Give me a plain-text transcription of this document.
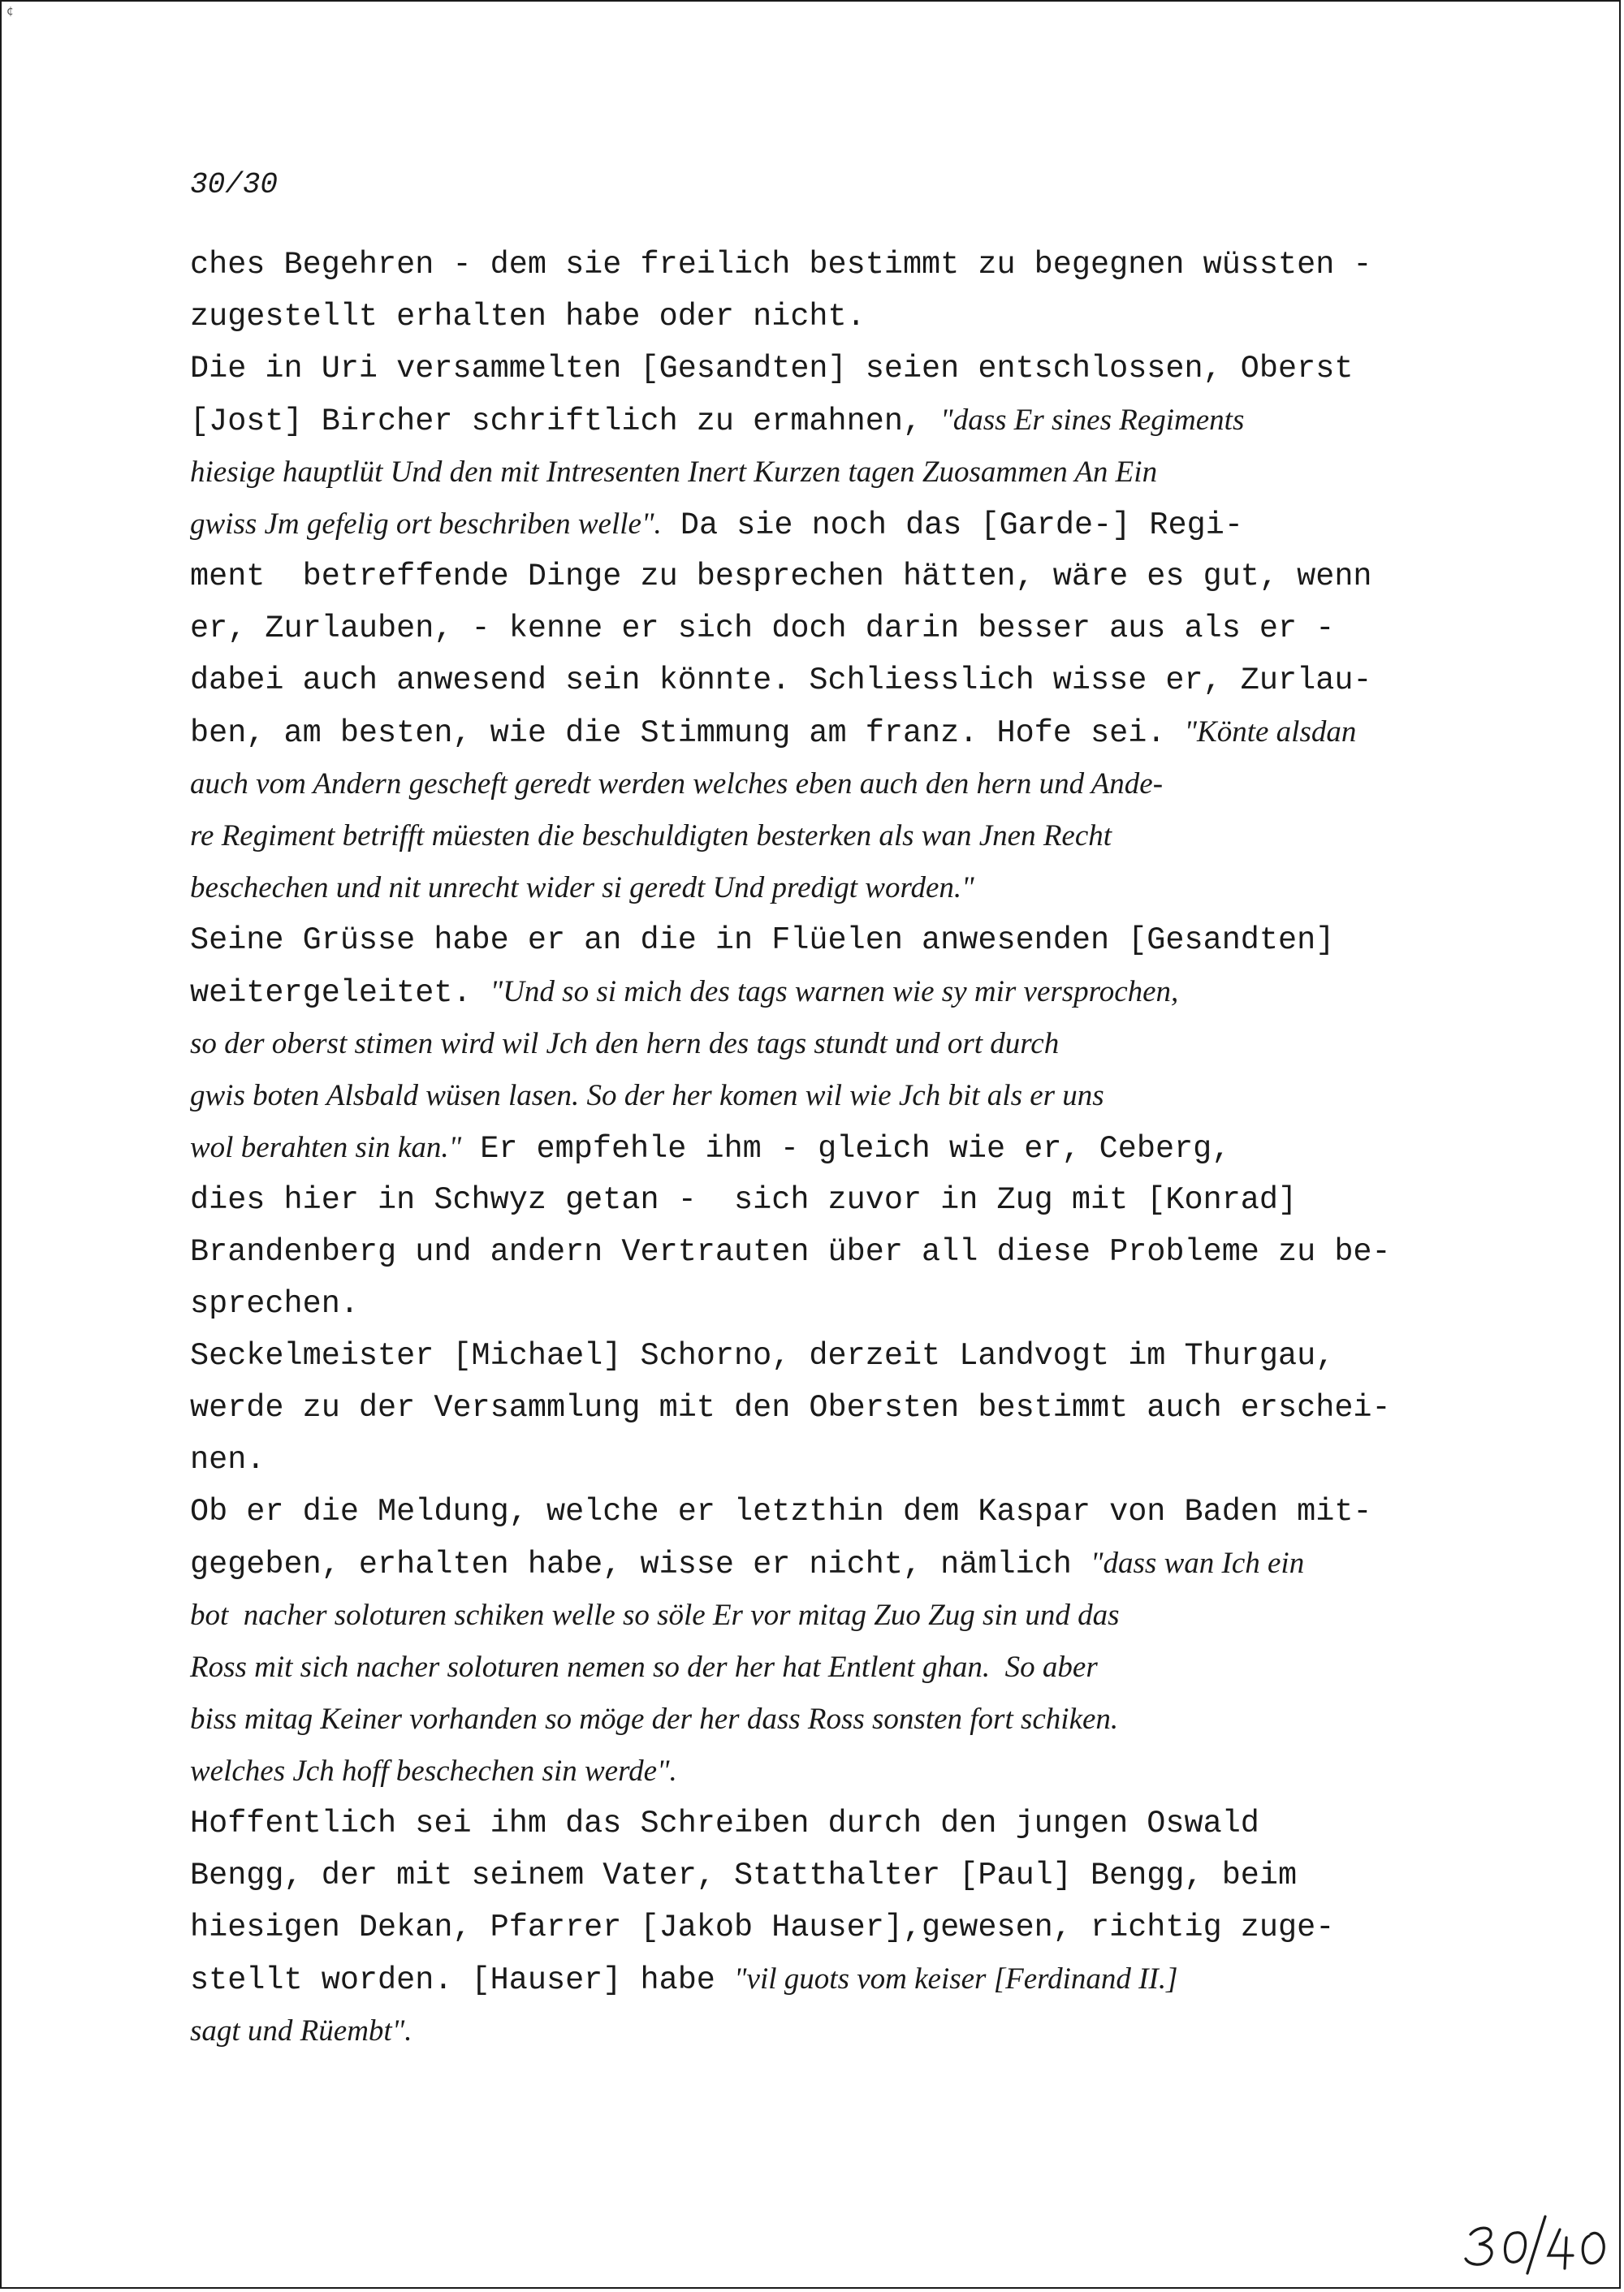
¢
30/30
ches Begehren - dem sie freilich bestimmt zu begegnen wüssten -
zugestellt erhalten habe oder nicht.
Die in Uri versammelten [Gesandten] seien entschlossen, Oberst
[Jost] Bircher schriftlich zu ermahnen, "dass Er sines Regiments
hiesige hauptlüt Und den mit Intresenten Inert Kurzen tagen Zuosammen An Ein
gwiss Jm gefelig ort beschriben welle". Da sie noch das [Garde-] Regi-
ment  betreffende Dinge zu besprechen hätten, wäre es gut, wenn
er, Zurlauben, - kenne er sich doch darin besser aus als er -
dabei auch anwesend sein könnte. Schliesslich wisse er, Zurlau-
ben, am besten, wie die Stimmung am franz. Hofe sei. "Könte alsdan
auch vom Andern gescheft geredt werden welches eben auch den hern und Ande-
re Regiment betrifft müesten die beschuldigten besterken als wan Jnen Recht
beschechen und nit unrecht wider si geredt Und predigt worden."
Seine Grüsse habe er an die in Flüelen anwesenden [Gesandten]
weitergeleitet. "Und so si mich des tags warnen wie sy mir versprochen,
so der oberst stimen wird wil Jch den hern des tags stundt und ort durch
gwis boten Alsbald wüsen lasen. So der her komen wil wie Jch bit als er uns
wol berahten sin kan." Er empfehle ihm - gleich wie er, Ceberg,
dies hier in Schwyz getan -  sich zuvor in Zug mit [Konrad]
Brandenberg und andern Vertrauten über all diese Probleme zu be-
sprechen.
Seckelmeister [Michael] Schorno, derzeit Landvogt im Thurgau,
werde zu der Versammlung mit den Obersten bestimmt auch erschei-
nen.
Ob er die Meldung, welche er letzthin dem Kaspar von Baden mit-
gegeben, erhalten habe, wisse er nicht, nämlich "dass wan Ich ein
bot  nacher soloturen schiken welle so söle Er vor mitag Zuo Zug sin und das
Ross mit sich nacher soloturen nemen so der her hat Entlent ghan.  So aber
biss mitag Keiner vorhanden so möge der her dass Ross sonsten fort schiken.
welches Jch hoff beschechen sin werde".
Hoffentlich sei ihm das Schreiben durch den jungen Oswald
Bengg, der mit seinem Vater, Statthalter [Paul] Bengg, beim
hiesigen Dekan, Pfarrer [Jakob Hauser],gewesen, richtig zuge-
stellt worden. [Hauser] habe "vil guots vom keiser [Ferdinand II.]
sagt und Rüembt".
